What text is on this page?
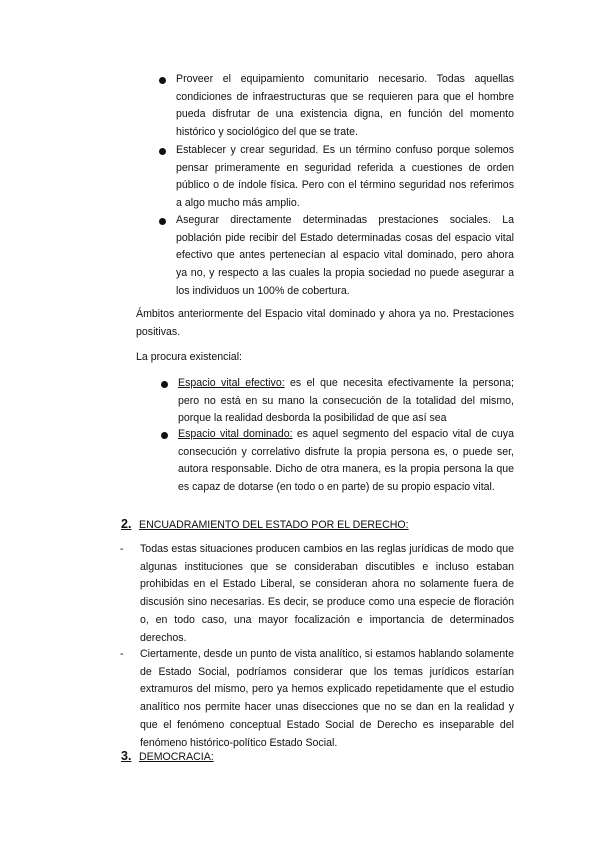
Proveer el equipamiento comunitario necesario. Todas aquellas condiciones de infraestructuras que se requieren para que el hombre pueda disfrutar de una existencia digna, en función del momento histórico y sociológico del que se trate.

Establecer y crear seguridad. Es un término confuso porque solemos pensar primeramente en seguridad referida a cuestiones de orden público o de índole física. Pero con el término seguridad nos referimos a algo mucho más amplio.

Asegurar directamente determinadas prestaciones sociales. La población pide recibir del Estado determinadas cosas del espacio vital efectivo que antes pertenecían al espacio vital dominado, pero ahora ya no, y respecto a las cuales la propia sociedad no puede asegurar a los individuos un 100% de cobertura.

Ámbitos anteriormente del Espacio vital dominado y ahora ya no. Prestaciones positivas.

La procura existencial:

Espacio vital efectivo: es el que necesita efectivamente la persona; pero no está en su mano la consecución de la totalidad del mismo, porque la realidad desborda la posibilidad de que así sea

Espacio vital dominado: es aquel segmento del espacio vital de cuya consecución y correlativo disfrute la propia persona es, o puede ser, autora responsable. Dicho de otra manera, es la propia persona la que es capaz de dotarse (en todo o en parte) de su propio espacio vital.

2. ENCUADRAMIENTO DEL ESTADO POR EL DERECHO:
- Todas estas situaciones producen cambios en las reglas jurídicas de modo que algunas instituciones que se consideraban discutibles e incluso estaban prohibidas en el Estado Liberal, se consideran ahora no solamente fuera de discusión sino necesarias. Es decir, se produce como una especie de floración o, en todo caso, una mayor focalización e importancia de determinados derechos.

- Ciertamente, desde un punto de vista analítico, si estamos hablando solamente de Estado Social, podríamos considerar que los temas jurídicos estarían extramuros del mismo, pero ya hemos explicado repetidamente que el estudio analítico nos permite hacer unas disecciones que no se dan en la realidad y que el fenómeno conceptual Estado Social de Derecho es inseparable del fenómeno histórico-político Estado Social.

3. DEMOCRACIA:
